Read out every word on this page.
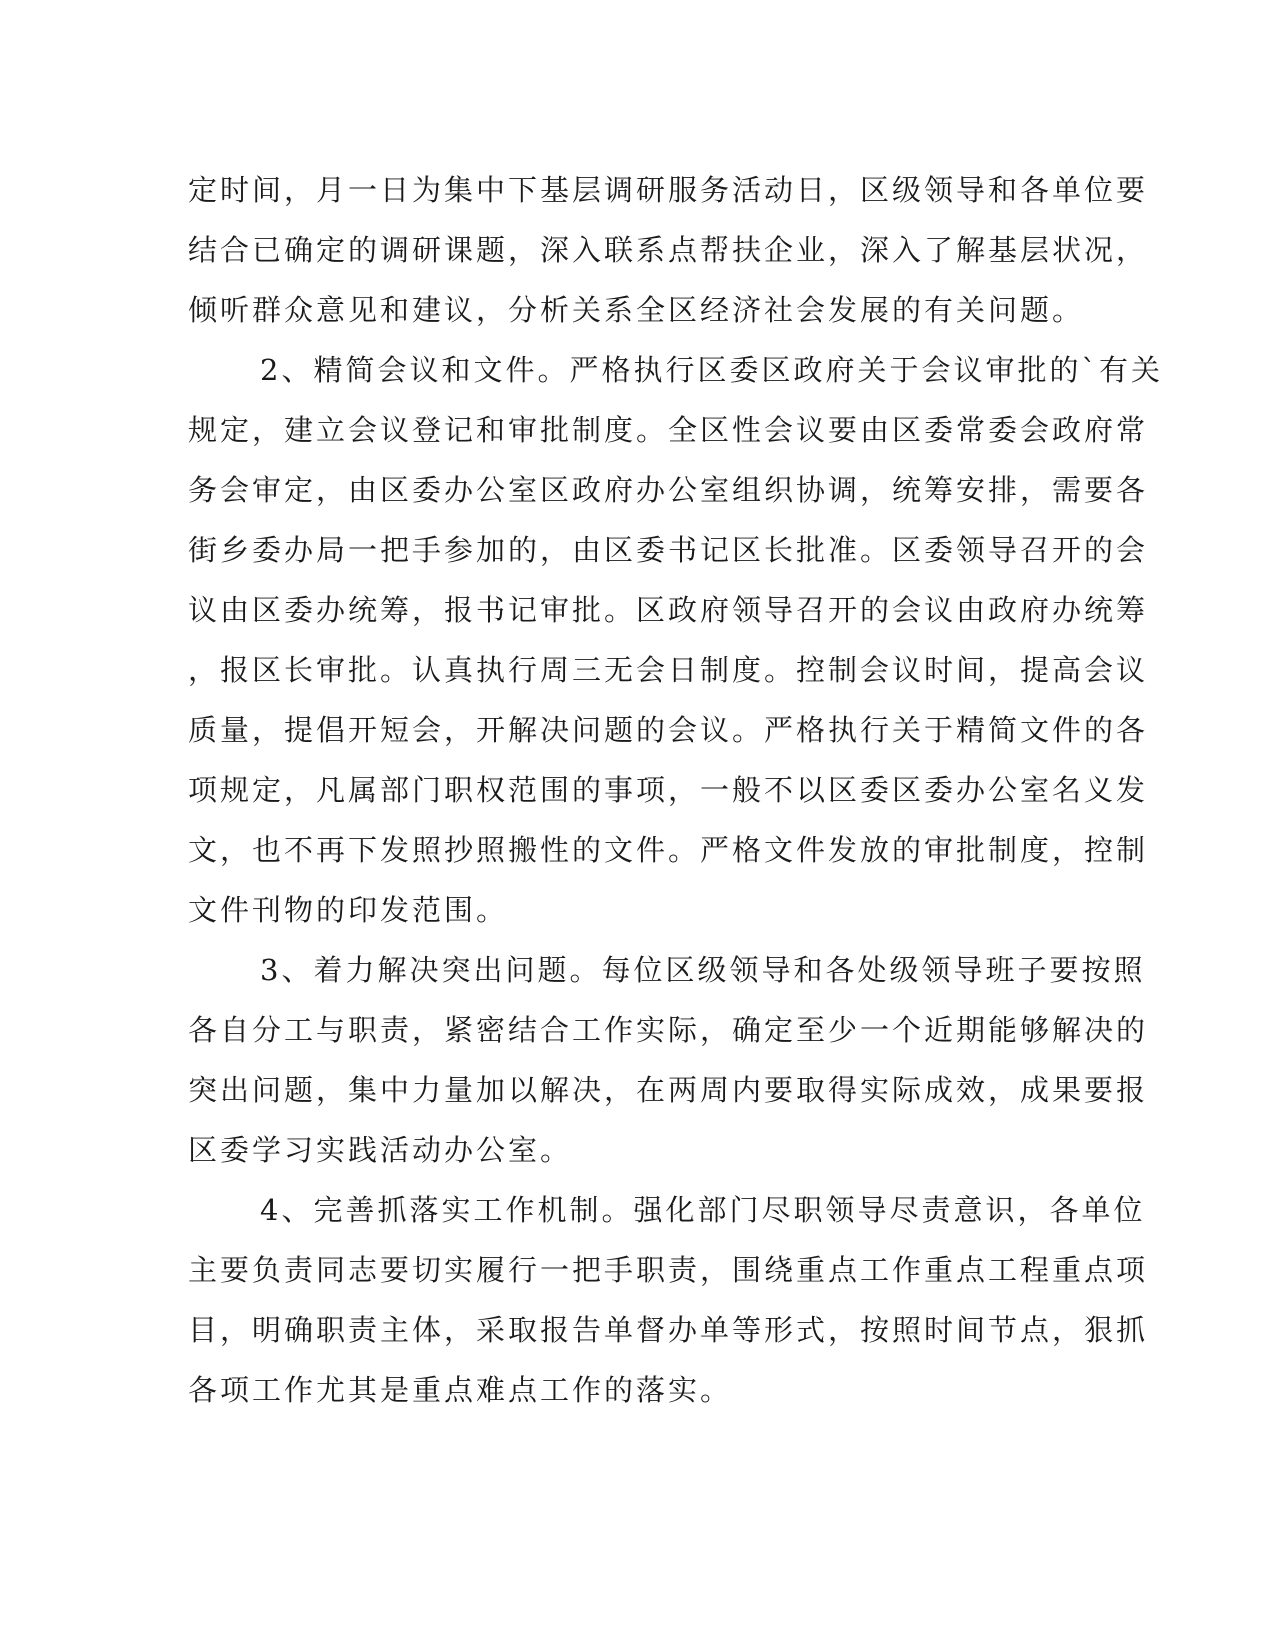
定时间，月一日为集中下基层调研服务活动日，区级领导和各单位要
结合已确定的调研课题，深入联系点帮扶企业，深入了解基层状况，
倾听群众意见和建议，分析关系全区经济社会发展的有关问题。
2、精简会议和文件。严格执行区委区政府关于会议审批的`有关
规定，建立会议登记和审批制度。全区性会议要由区委常委会政府常
务会审定，由区委办公室区政府办公室组织协调，统筹安排，需要各
街乡委办局一把手参加的，由区委书记区长批准。区委领导召开的会
议由区委办统筹，报书记审批。区政府领导召开的会议由政府办统筹
，报区长审批。认真执行周三无会日制度。控制会议时间，提高会议
质量，提倡开短会，开解决问题的会议。严格执行关于精简文件的各
项规定，凡属部门职权范围的事项，一般不以区委区委办公室名义发
文，也不再下发照抄照搬性的文件。严格文件发放的审批制度，控制
文件刊物的印发范围。
3、着力解决突出问题。每位区级领导和各处级领导班子要按照
各自分工与职责，紧密结合工作实际，确定至少一个近期能够解决的
突出问题，集中力量加以解决，在两周内要取得实际成效，成果要报
区委学习实践活动办公室。
4、完善抓落实工作机制。强化部门尽职领导尽责意识，各单位
主要负责同志要切实履行一把手职责，围绕重点工作重点工程重点项
目，明确职责主体，采取报告单督办单等形式，按照时间节点，狠抓
各项工作尤其是重点难点工作的落实。
